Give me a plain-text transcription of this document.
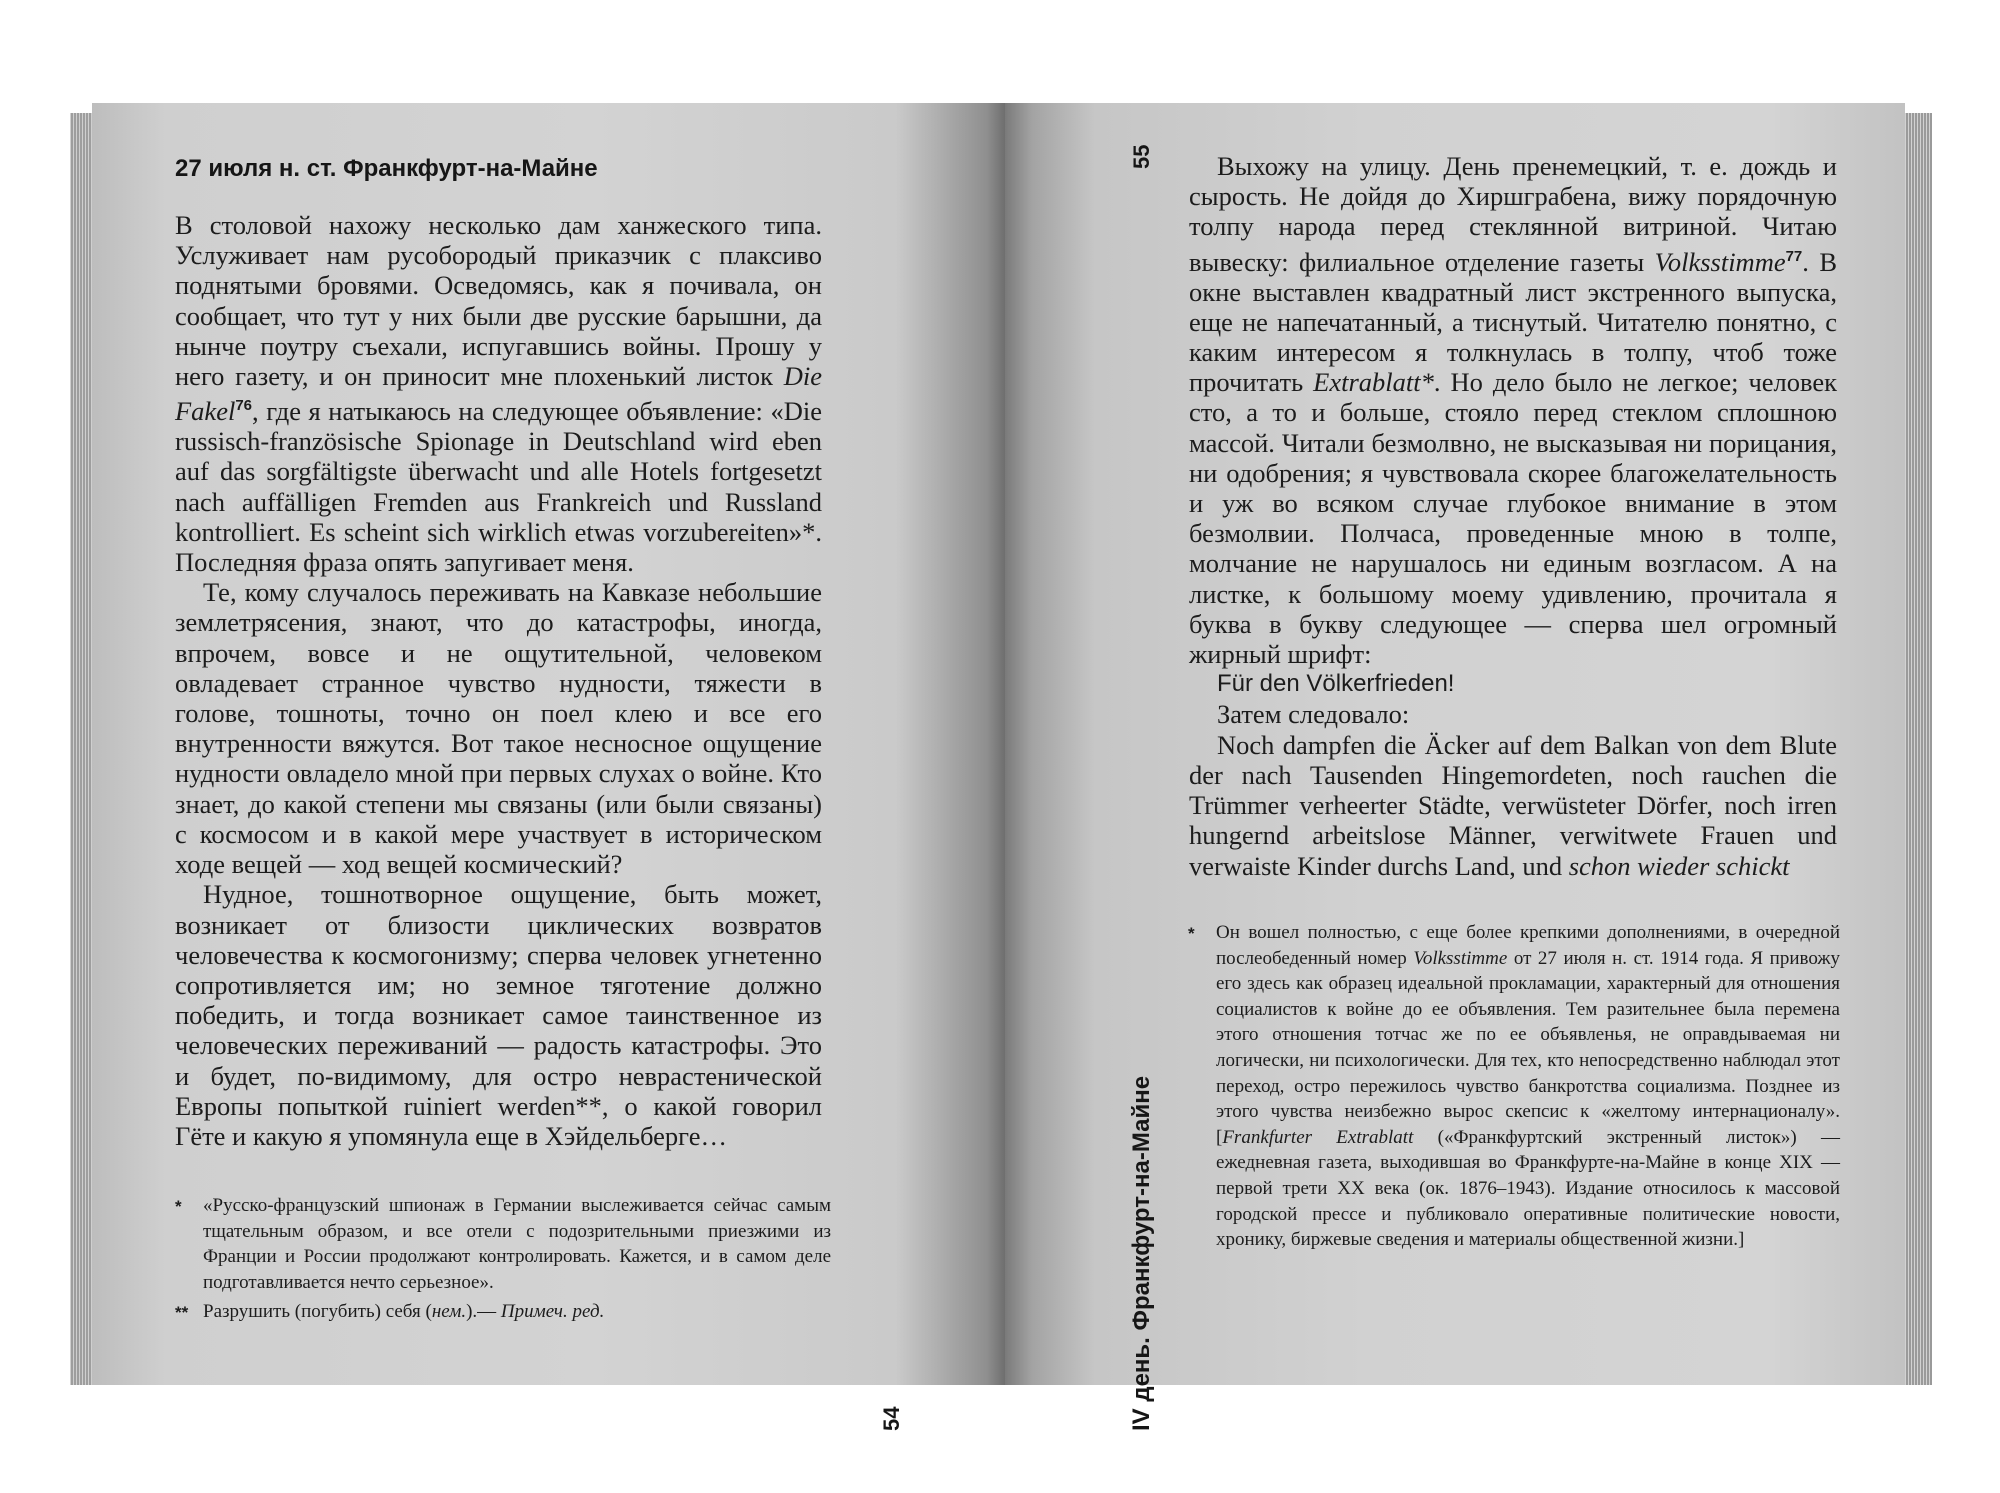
27 июля н. ст. Франкфурт-на-Майне

В столовой нахожу несколько дам ханжеского типа. Услуживает нам русобородый приказчик с плаксиво поднятыми бровями. Осведомясь, как я почивала, он сообщает, что тут у них были две русские барышни, да нынче поутру съехали, испугавшись войны. Прошу у него газету, и он приносит мне плохенький листок Die Fakel$^{76}$, где я натыкаюсь на следующее объявление: «Die russisch-französische Spionage in Deutschland wird eben auf das sorgfältigste überwacht und alle Hotels fortgesetzt nach auffälligen Fremden aus Frankreich und Russland kontrolliert. Es scheint sich wirklich etwas vorzubereiten»*. Последняя фраза опять запугивает меня.

Те, кому случалось переживать на Кавказе небольшие землетрясения, знают, что до катастрофы, иногда, впрочем, вовсе и не ощутительной, человеком овладевает странное чувство нудности, тяжести в голове, тошноты, точно он поел клею и все его внутренности вяжутся. Вот такое несносное ощущение нудности овладело мной при первых слухах о войне. Кто знает, до какой степени мы связаны (или были связаны) с космосом и в какой мере участвует в историческом ходе вещей — ход вещей космический?

Нудное, тошнотворное ощущение, быть может, возникает от близости циклических возвратов человечества к космогонизму; сперва человек угнетенно сопротивляется им; но земное тяготение должно победить, и тогда возникает самое таинственное из человеческих переживаний — радость катастрофы. Это и будет, по-видимому, для остро неврастенической Европы попыткой ruiniert werden**, о какой говорил Гёте и какую я упомянула еще в Хэйдельберге…

*	«Русско-французский шпионаж в Германии выслеживается сейчас самым тщательным образом, и все отели с подозрительными приезжими из Франции и России продолжают контролировать. Кажется, и в самом деле подготавливается нечто серьезное».
** Разрушить (погубить) себя (нем.).— Примеч. ред.
54
55
IV день. Франкфурт-на-Майне

Выхожу на улицу. День пренемецкий, т. е. дождь и сырость. Не дойдя до Хиршграбена, вижу порядочную толпу народа перед стеклянной витриной. Читаю вывеску: филиальное отделение газеты Volksstimme$^{77}$. В окне выставлен квадратный лист экстренного выпуска, еще не напечатанный, а тиснутый. Читателю понятно, с каким интересом я толкнулась в толпу, чтоб тоже прочитать Extrablatt*. Но дело было не легкое; человек сто, а то и больше, стояло перед стеклом сплошною массой. Читали безмолвно, не высказывая ни порицания, ни одобрения; я чувствовала скорее благожелательность и уж во всяком случае глубокое внимание в этом безмолвии. Полчаса, проведенные мною в толпе, молчание не нарушалось ни единым возгласом. А на листке, к большому моему удивлению, прочитала я буква в букву следующее — сперва шел огромный жирный шрифт:

Für den Völkerfrieden!

Затем следовало:

Noch dampfen die Äcker auf dem Balkan von dem Blute der nach Tausenden Hingemordeten, noch rauchen die Trümmer verheerter Städte, verwüsteter Dörfer, noch irren hungernd arbeitslose Männer, verwitwete Frauen und verwaiste Kinder durchs Land, und schon wieder schickt

*	Он вошел полностью, с еще более крепкими дополнениями, в очередной послеобеденный номер Volksstimme от 27 июля н. ст. 1914 года. Я привожу его здесь как образец идеальной прокламации, характерный для отношения социалистов к войне до ее объявления. Тем разительнее была перемена этого отношения тотчас же по ее объявленья, не оправдываемая ни логически, ни психологически. Для тех, кто непосредственно наблюдал этот переход, остро пережилось чувство банкротства социализма. Позднее из этого чувства неизбежно вырос скепсис к «желтому интернационалу». [Frankfurter Extrablatt («Франкфуртский экстренный листок») — ежедневная газета, выходившая во Франкфурте-на-Майне в конце XIX — первой трети XX века (ок. 1876–1943). Издание относилось к массовой городской прессе и публиковало оперативные политические новости, хронику, биржевые сведения и материалы общественной жизни.]
